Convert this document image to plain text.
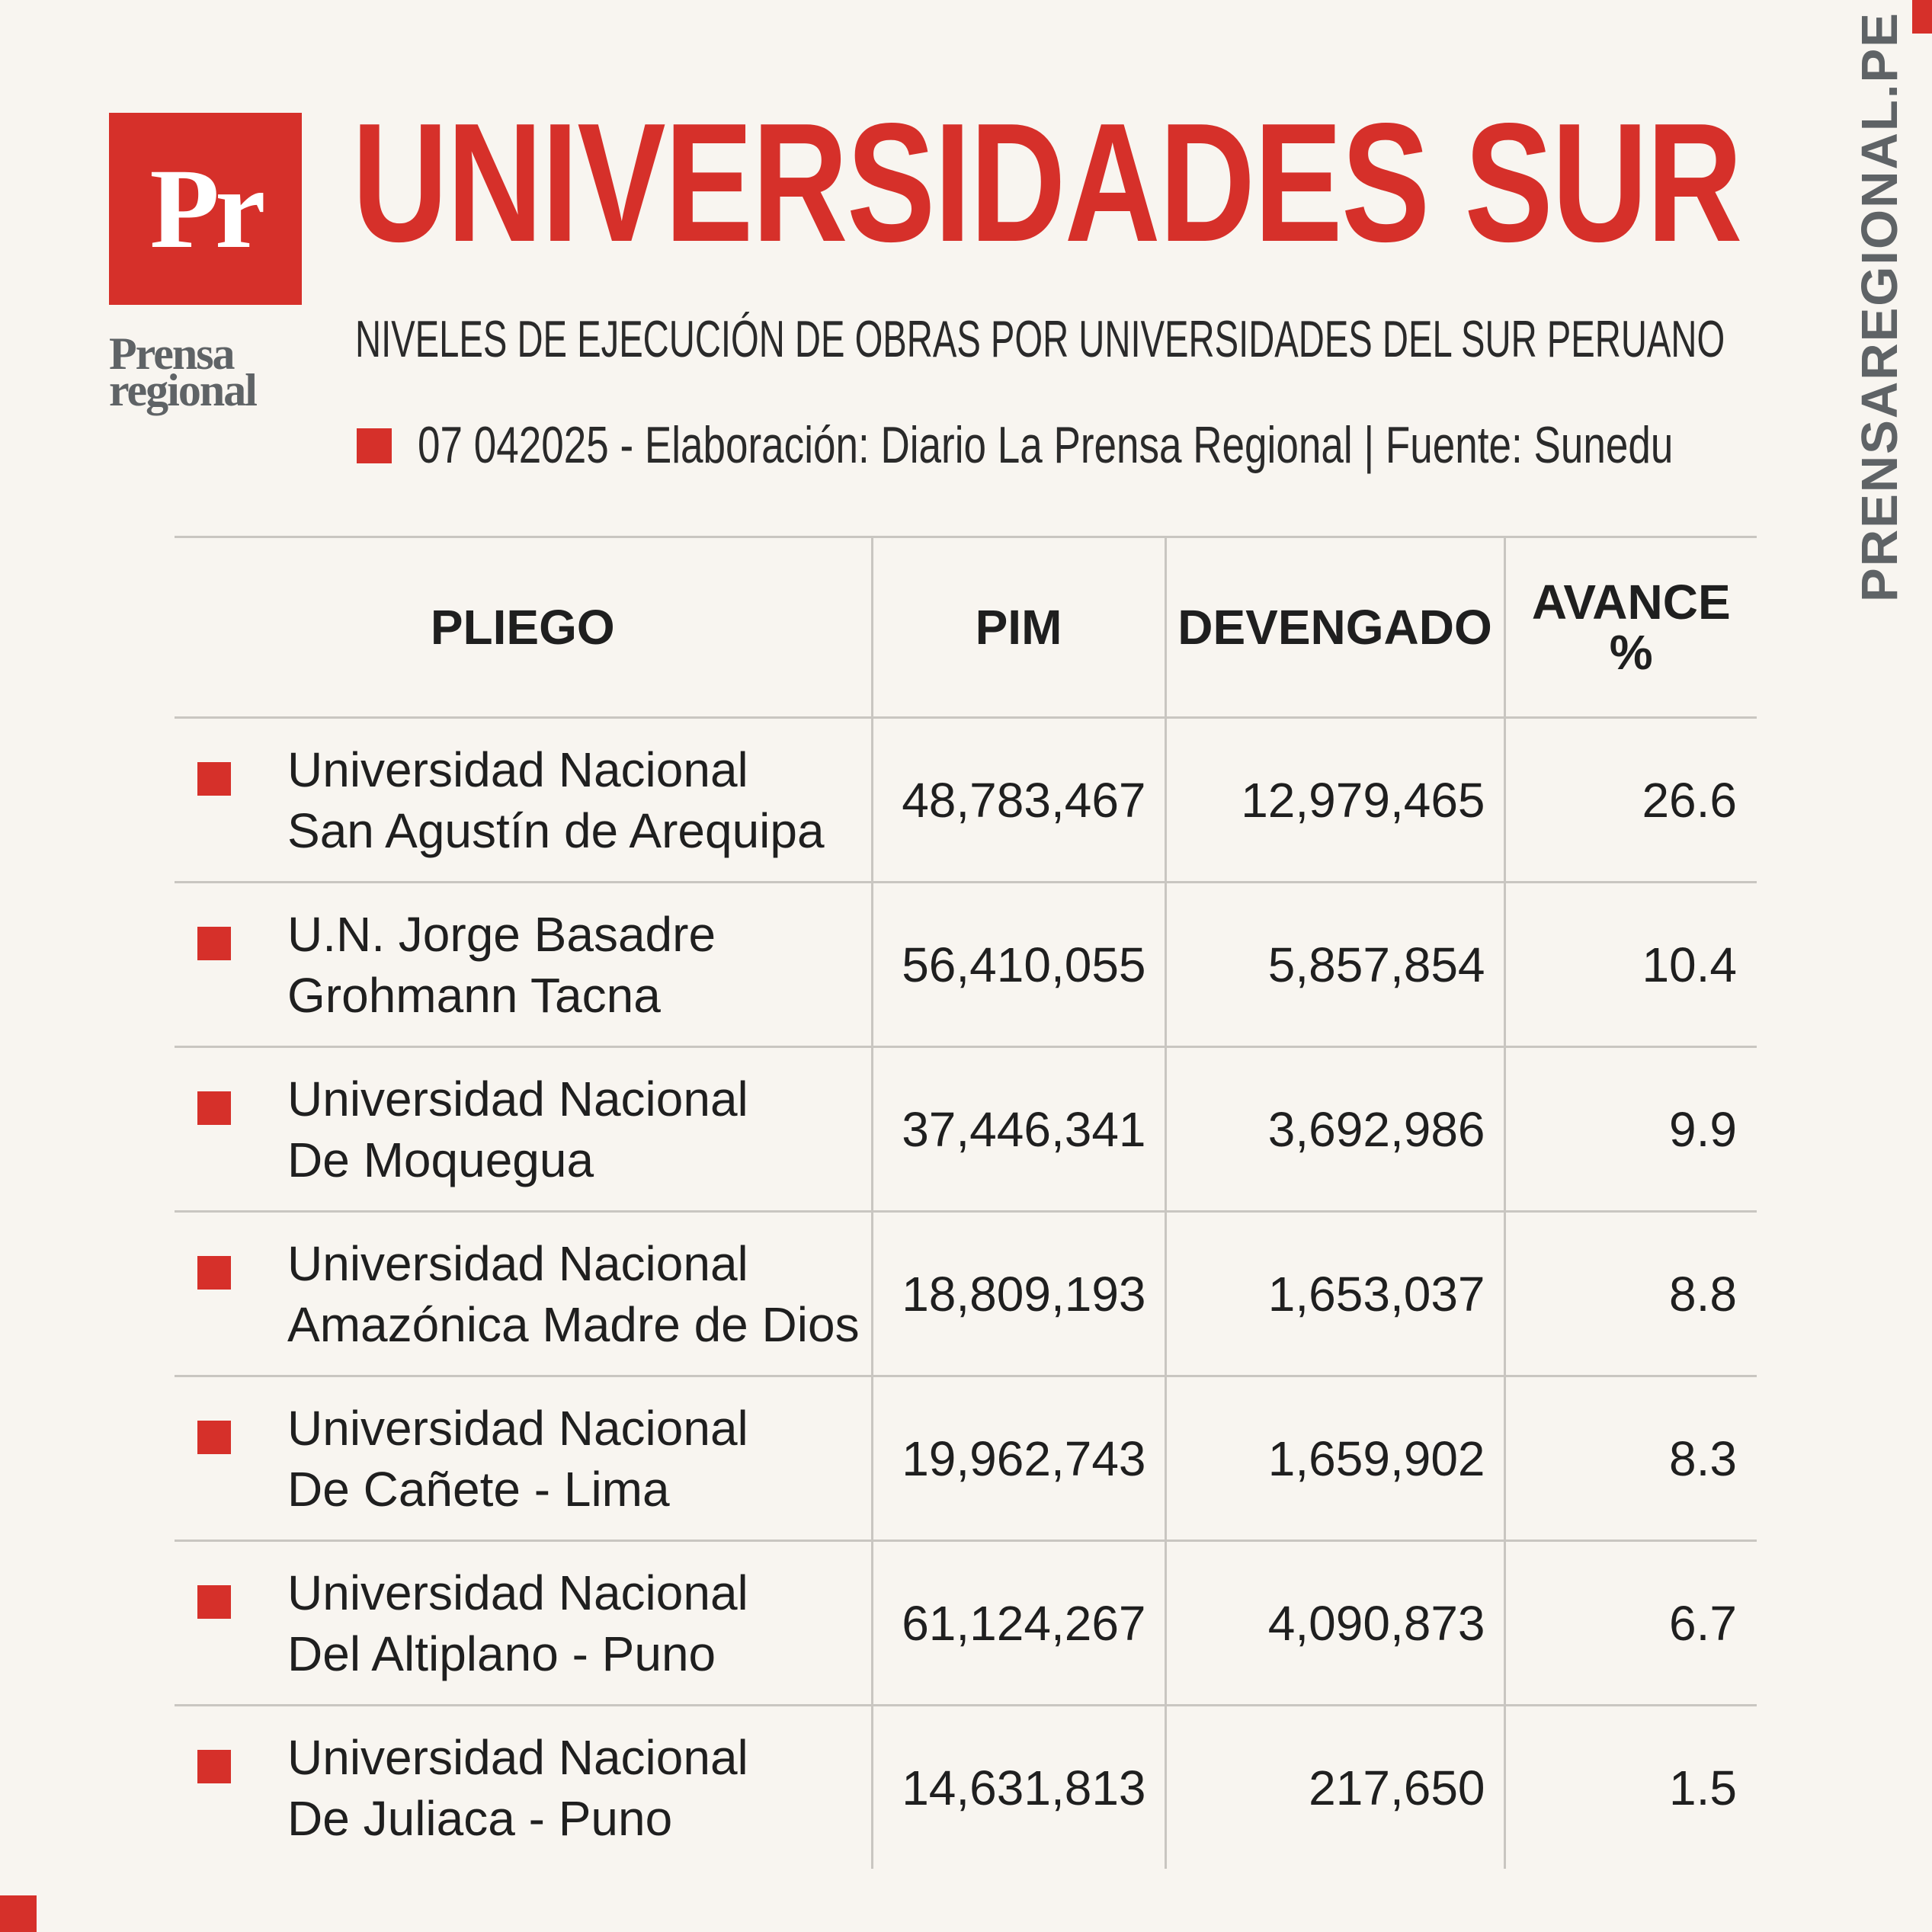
Pr
Prensa
regional
UNIVERSIDADES SUR
NIVELES DE EJECUCIÓN DE OBRAS POR UNIVERSIDADES DEL SUR PERUANO
07 042025 - Elaboración: Diario La Prensa Regional | Fuente: Sunedu	PRENSAREGIONAL.PE
PLIEGO	PIM	DEVENGADO	AVANCE
%

Universidad Nacional
San Agustín de Arequipa	48,783,467	12,979,465	26.6

U.N. Jorge Basadre
Grohmann Tacna	56,410,055	5,857,854	10.4

Universidad Nacional
De Moquegua	37,446,341	3,692,986	9.9

Universidad Nacional
Amazónica Madre de Dios	18,809,193	1,653,037	8.8

Universidad Nacional
De Cañete - Lima	19,962,743	1,659,902	8.3

Universidad Nacional
Del Altiplano - Puno	61,124,267	4,090,873	6.7

Universidad Nacional
De Juliaca - Puno	14,631,813	217,650	1.5
